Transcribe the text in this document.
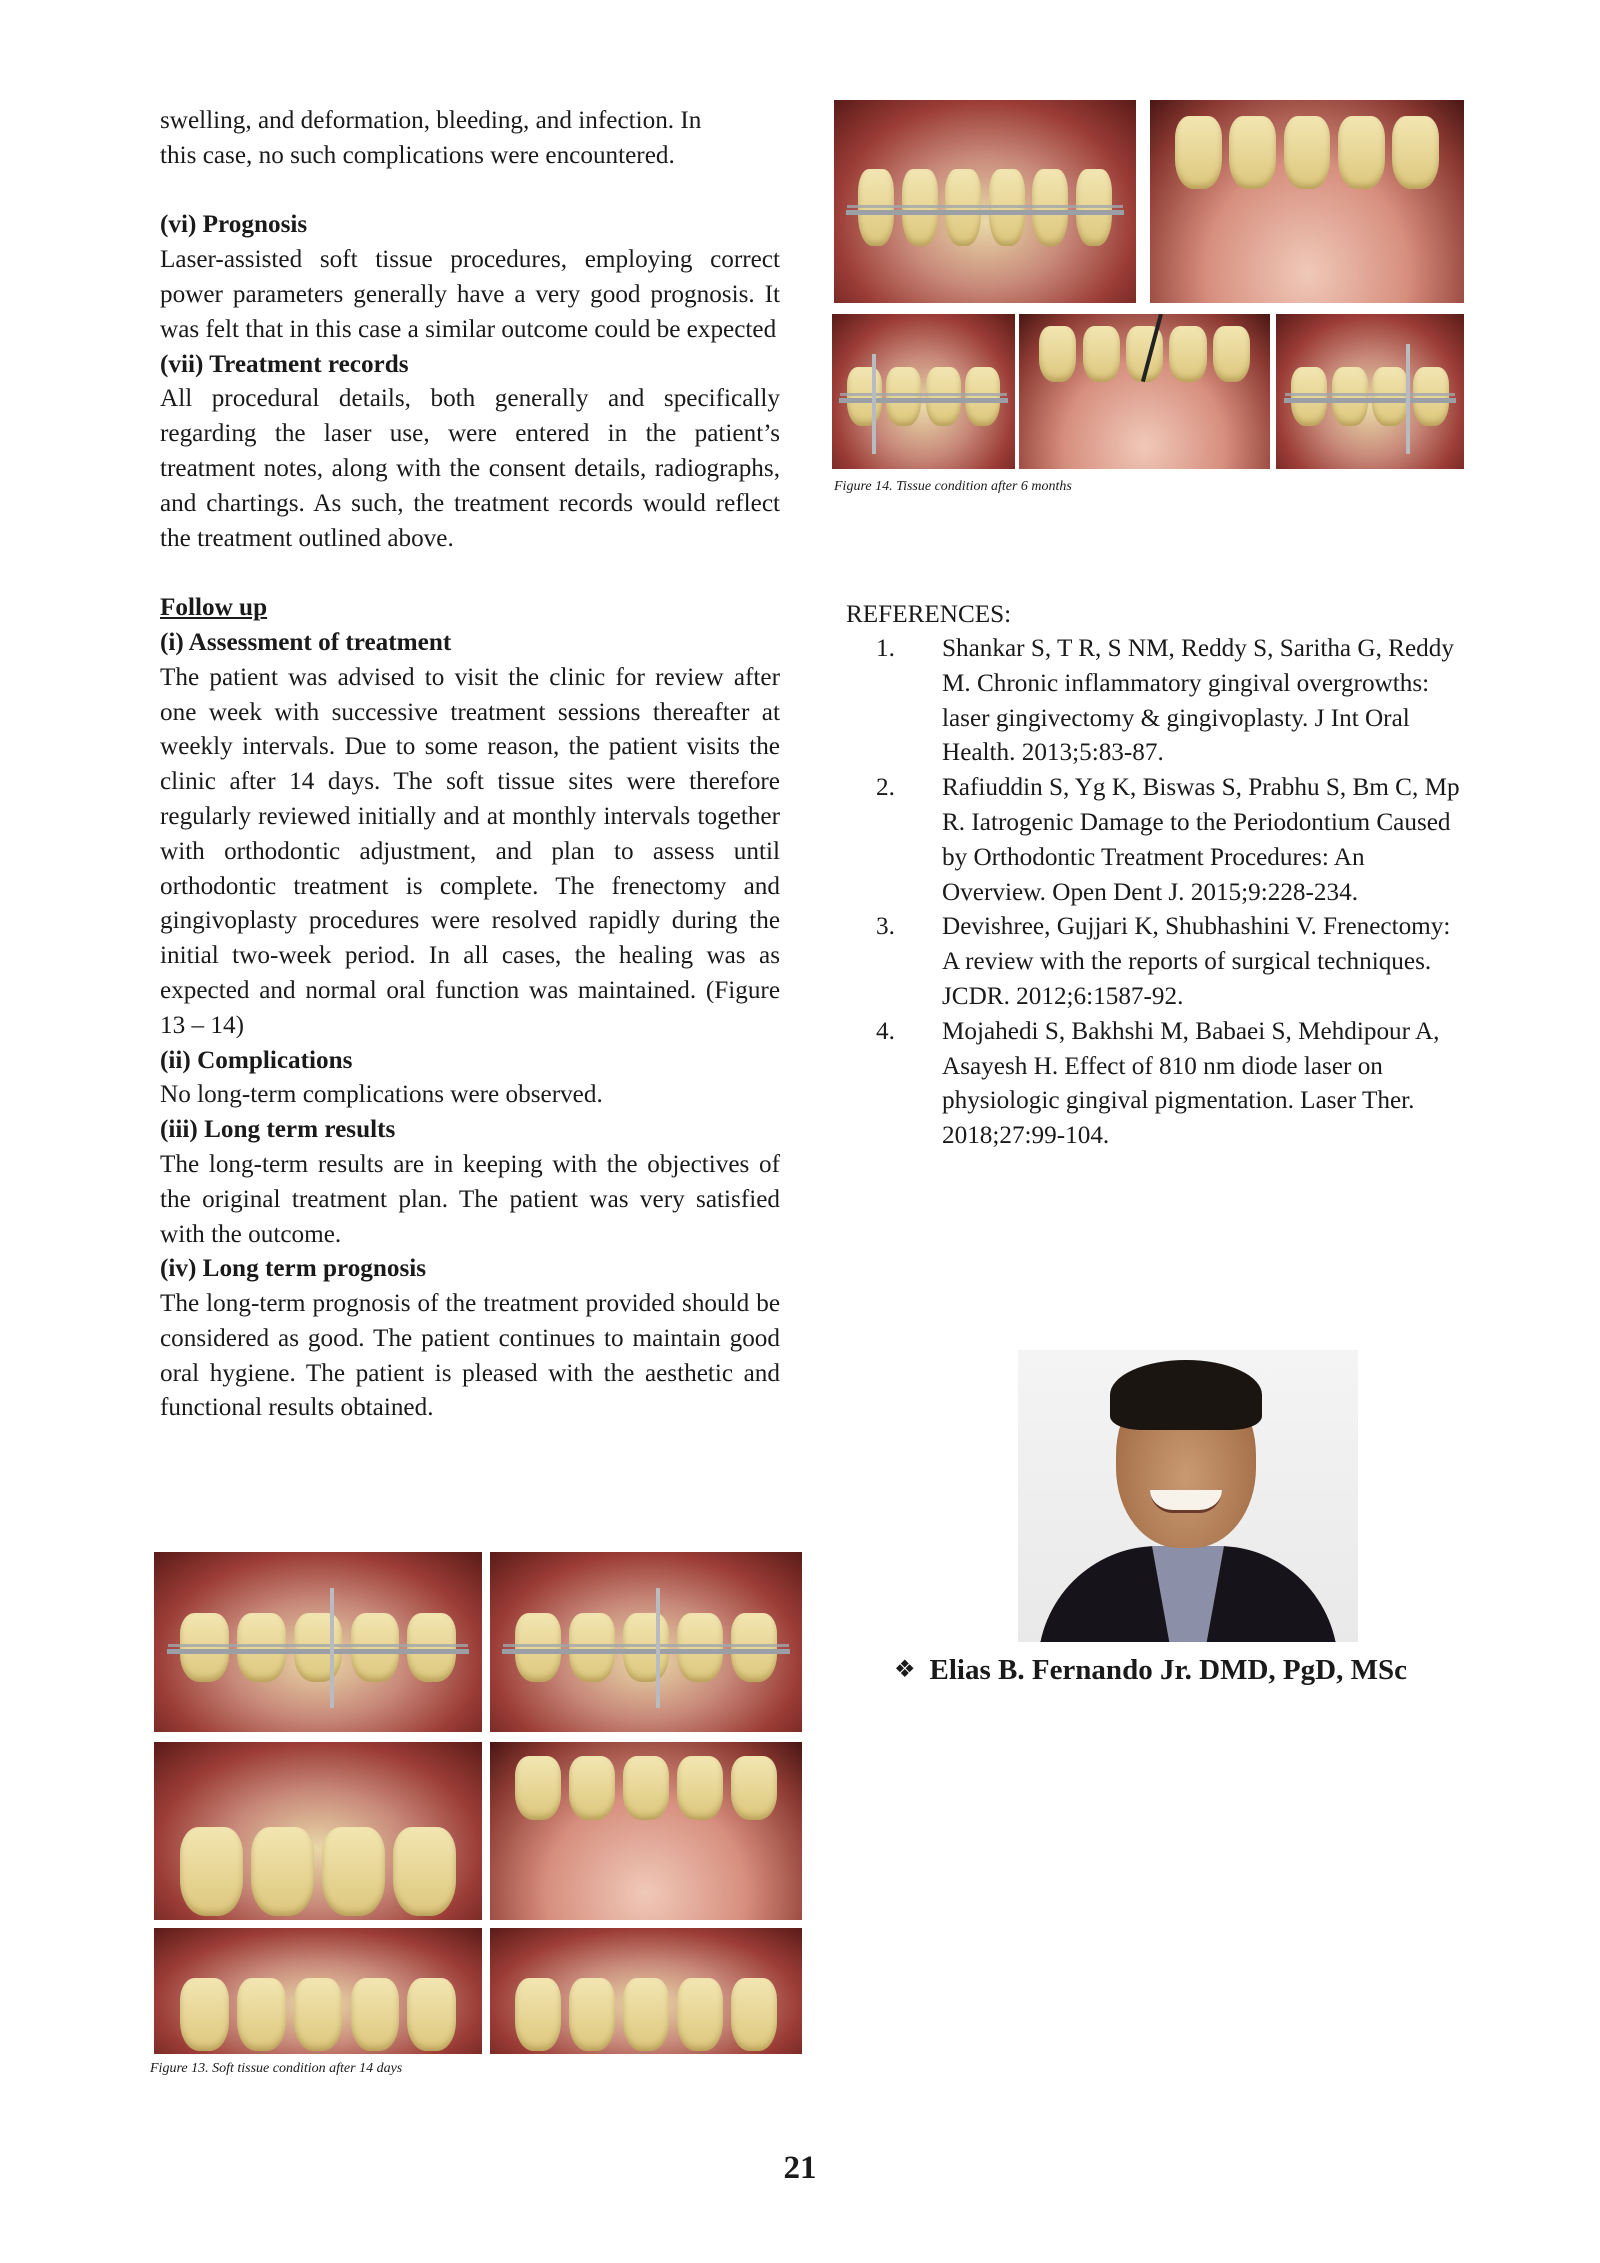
swelling, and deformation, bleeding, and infection. In

this case, no such complications were encountered.

(vi) Prognosis

Laser-assisted soft tissue procedures, employing correct power parameters generally have a very good prognosis. It was felt that in this case a similar outcome could be expected

(vii) Treatment records

All procedural details, both generally and specifically regarding the laser use, were entered in the patient’s treatment notes, along with the consent details, radiographs, and chartings. As such, the treatment records would reflect the treatment outlined above.

Follow up

(i) Assessment of treatment

The patient was advised to visit the clinic for review after one week with successive treatment sessions thereafter at weekly intervals. Due to some reason, the patient visits the clinic after 14 days. The soft tissue sites were therefore regularly reviewed initially and at monthly intervals together with orthodontic adjustment, and plan to assess until orthodontic treatment is complete. The frenectomy and gingivoplasty procedures were resolved rapidly during the initial two-week period. In all cases, the healing was as expected and normal oral function was maintained. (Figure 13 – 14)

(ii) Complications

No long-term complications were observed.

(iii) Long term results

The long-term results are in keeping with the objectives of the original treatment plan. The patient was very satisfied with the outcome.

(iv) Long term prognosis

The long-term prognosis of the treatment provided should be considered as good. The patient continues to maintain good oral hygiene. The patient is pleased with the aesthetic and functional results obtained.

Figure 14. Tissue condition after 6 months
REFERENCES:
1.	Shankar S, T R, S NM, Reddy S, Saritha G, Reddy M. Chronic inflammatory gingival overgrowths: laser gingivectomy & gingivoplasty. J Int Oral Health. 2013;5:83-87.
2.	Rafiuddin S, Yg K, Biswas S, Prabhu S, Bm C, Mp R. Iatrogenic Damage to the Periodontium Caused by Orthodontic Treatment Procedures: An Overview. Open Dent J. 2015;9:228-234.
3.	Devishree, Gujjari K, Shubhashini V. Frenectomy: A review with the reports of surgical techniques. JCDR. 2012;6:1587-92.
4.	Mojahedi S, Bakhshi M, Babaei S, Mehdipour A, Asayesh H. Effect of 810 nm diode laser on physiologic gingival pigmentation. Laser Ther. 2018;27:99-104.
❖ Elias B. Fernando Jr. DMD, PgD, MSc
Figure 13. Soft tissue condition after 14 days
21
